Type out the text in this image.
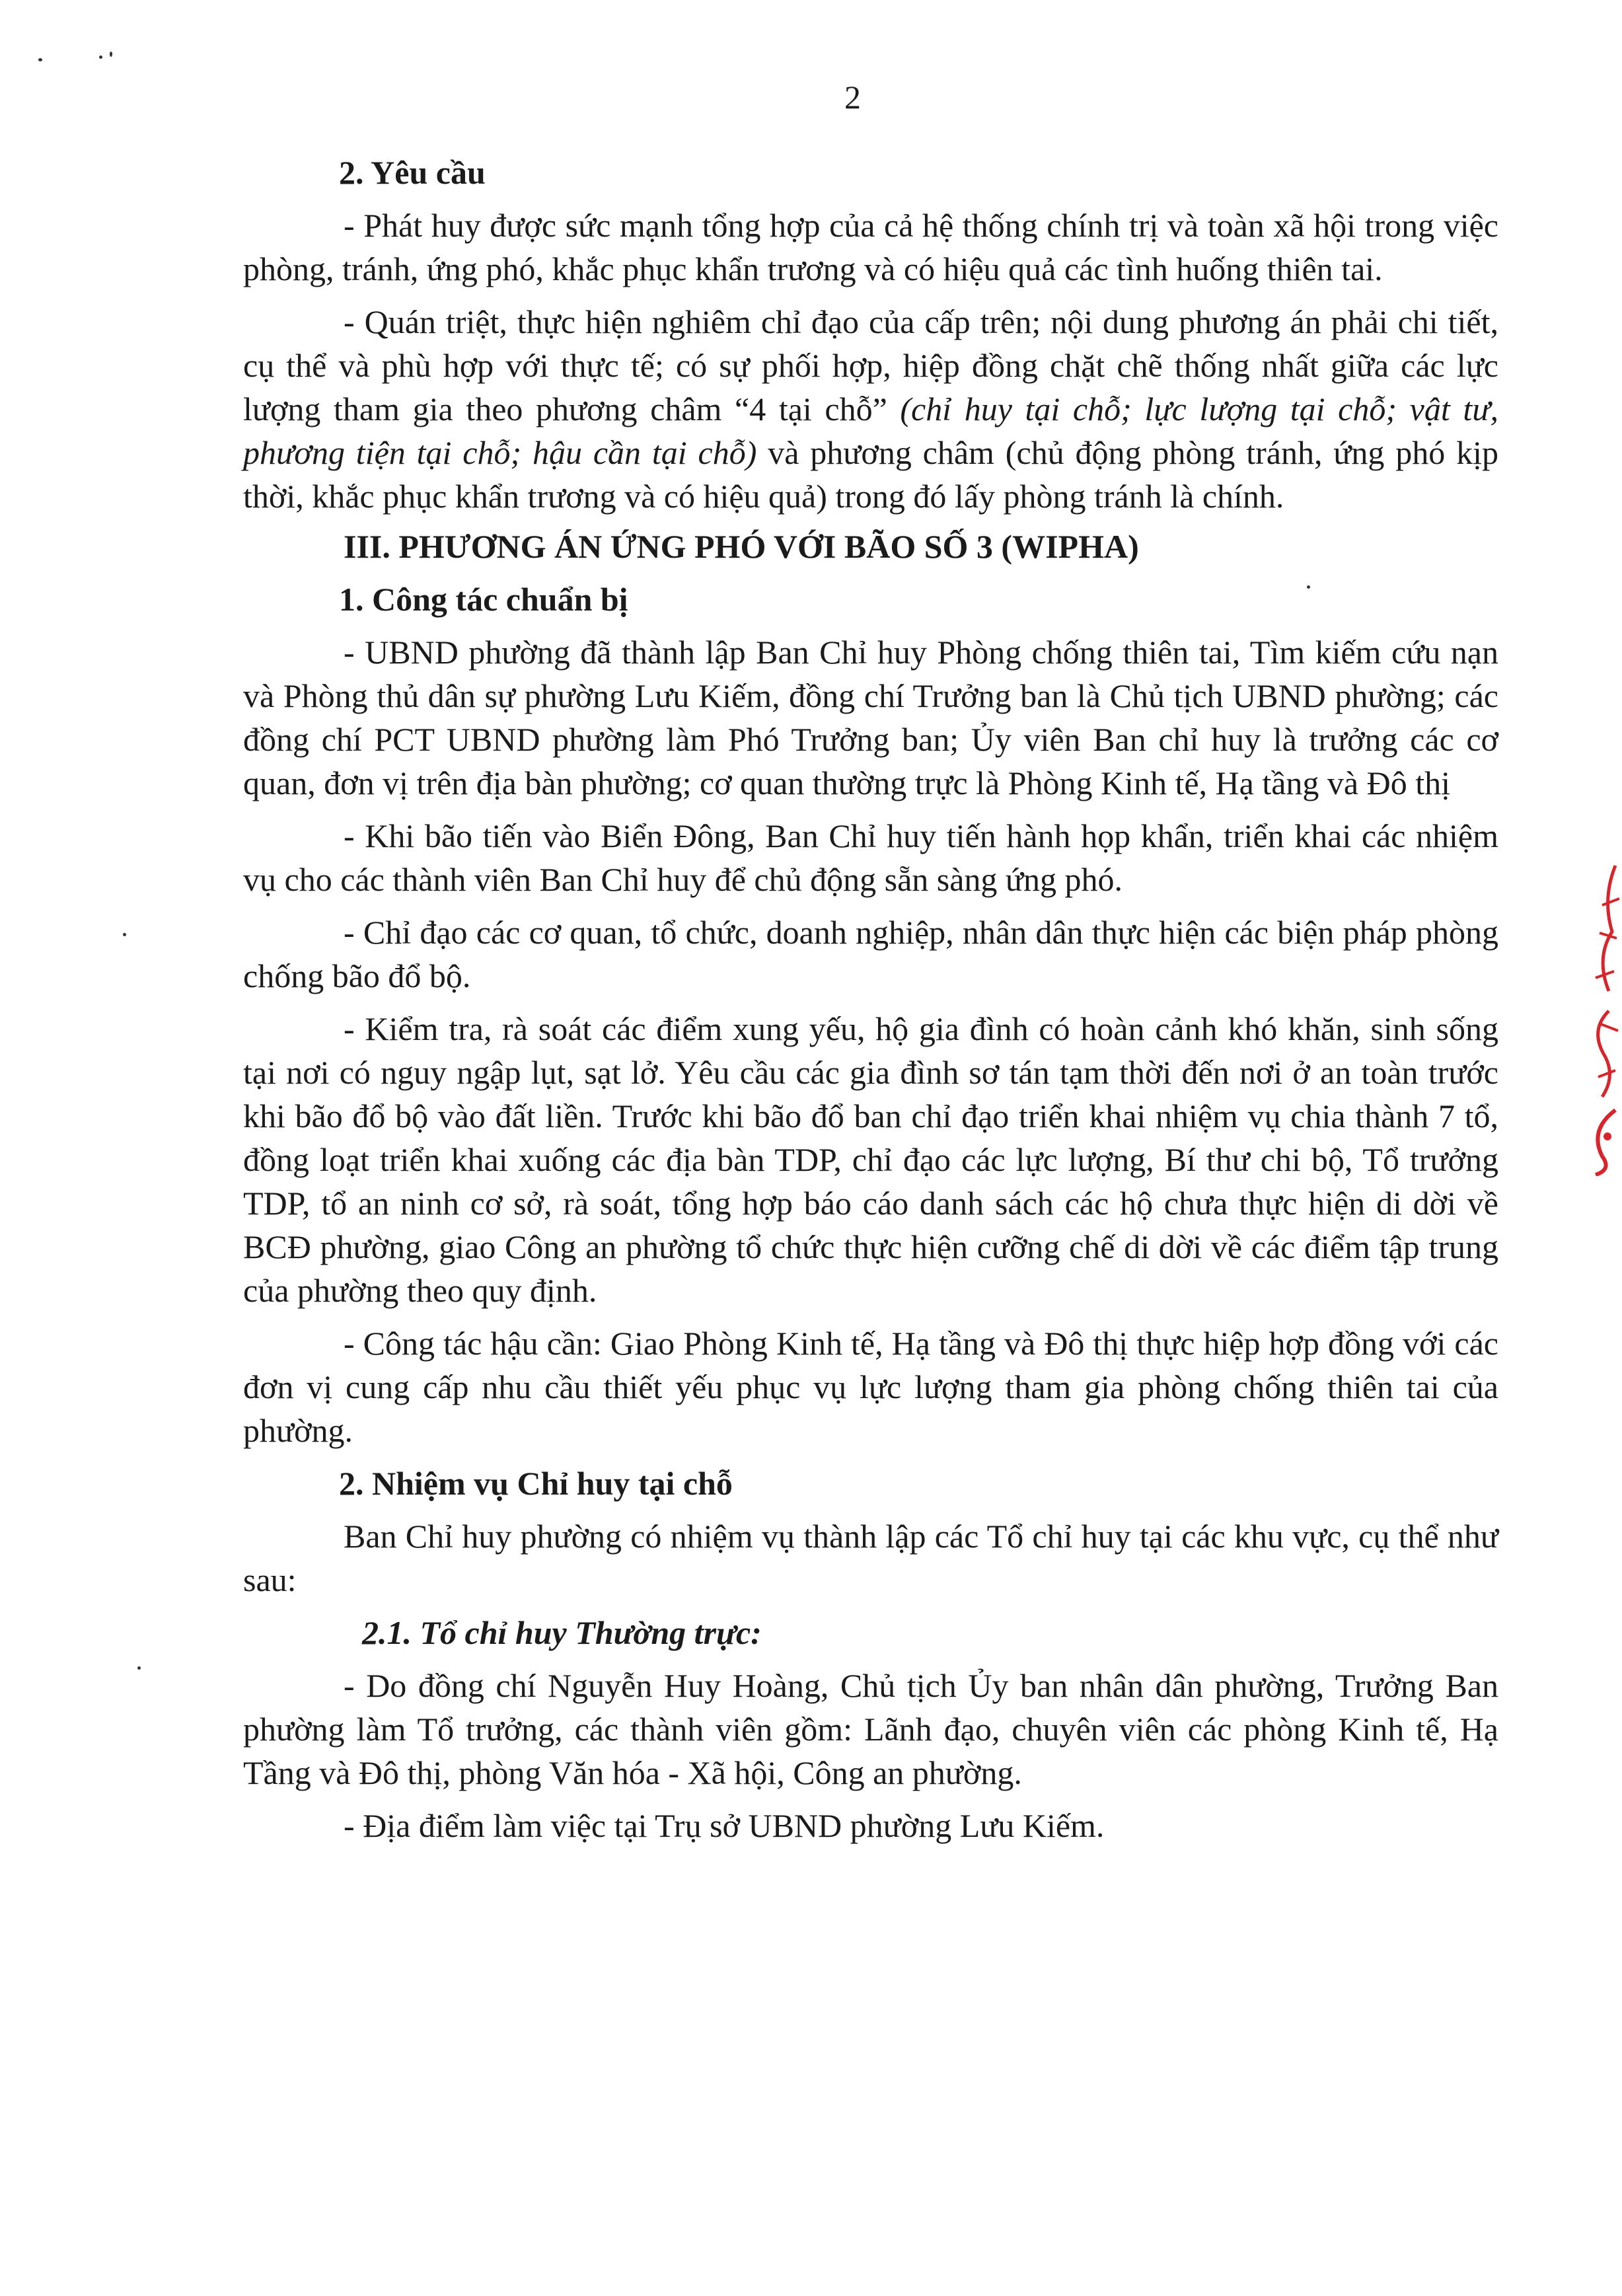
2

2. Yêu cầu

- Phát huy được sức mạnh tổng hợp của cả hệ thống chính trị và toàn xã hội trong việc phòng, tránh, ứng phó, khắc phục khẩn trương và có hiệu quả các tình huống thiên tai.

- Quán triệt, thực hiện nghiêm chỉ đạo của cấp trên; nội dung phương án phải chi tiết, cụ thể và phù hợp với thực tế; có sự phối hợp, hiệp đồng chặt chẽ thống nhất giữa các lực lượng tham gia theo phương châm “4 tại chỗ” (chỉ huy tại chỗ; lực lượng tại chỗ; vật tư, phương tiện tại chỗ; hậu cần tại chỗ) và phương châm (chủ động phòng tránh, ứng phó kịp thời, khắc phục khẩn trương và có hiệu quả) trong đó lấy phòng tránh là chính.

III. PHƯƠNG ÁN ỨNG PHÓ VỚI BÃO SỐ 3 (WIPHA)

1. Công tác chuẩn bị

- UBND phường đã thành lập Ban Chỉ huy Phòng chống thiên tai, Tìm kiếm cứu nạn và Phòng thủ dân sự phường Lưu Kiếm, đồng chí Trưởng ban là Chủ tịch UBND phường; các đồng chí PCT UBND phường làm Phó Trưởng ban; Ủy viên Ban chỉ huy là trưởng các cơ quan, đơn vị trên địa bàn phường; cơ quan thường trực là Phòng Kinh tế, Hạ tầng và Đô thị

- Khi bão tiến vào Biển Đông, Ban Chỉ huy tiến hành họp khẩn, triển khai các nhiệm vụ cho các thành viên Ban Chỉ huy để chủ động sẵn sàng ứng phó.

- Chỉ đạo các cơ quan, tổ chức, doanh nghiệp, nhân dân thực hiện các biện pháp phòng chống bão đổ bộ.

- Kiểm tra, rà soát các điểm xung yếu, hộ gia đình có hoàn cảnh khó khăn, sinh sống tại nơi có nguy ngập lụt, sạt lở. Yêu cầu các gia đình sơ tán tạm thời đến nơi ở an toàn trước khi bão đổ bộ vào đất liền. Trước khi bão đổ ban chỉ đạo triển khai nhiệm vụ chia thành 7 tổ, đồng loạt triển khai xuống các địa bàn TDP, chỉ đạo các lực lượng, Bí thư chi bộ, Tổ trưởng TDP, tổ an ninh cơ sở, rà soát, tổng hợp báo cáo danh sách các hộ chưa thực hiện di dời về BCĐ phường, giao Công an phường tổ chức thực hiện cưỡng chế di dời về các điểm tập trung của phường theo quy định.

- Công tác hậu cần: Giao Phòng Kinh tế, Hạ tầng và Đô thị thực hiệp hợp đồng với các đơn vị cung cấp nhu cầu thiết yếu phục vụ lực lượng tham gia phòng chống thiên tai của phường.

2. Nhiệm vụ Chỉ huy tại chỗ

Ban Chỉ huy phường có nhiệm vụ thành lập các Tổ chỉ huy tại các khu vực, cụ thể như sau:

2.1. Tổ chỉ huy Thường trực:

- Do đồng chí Nguyễn Huy Hoàng, Chủ tịch Ủy ban nhân dân phường, Trưởng Ban phường làm Tổ trưởng, các thành viên gồm: Lãnh đạo, chuyên viên các phòng Kinh tế, Hạ Tầng và Đô thị, phòng Văn hóa - Xã hội, Công an phường.

- Địa điểm làm việc tại Trụ sở UBND phường Lưu Kiếm.
